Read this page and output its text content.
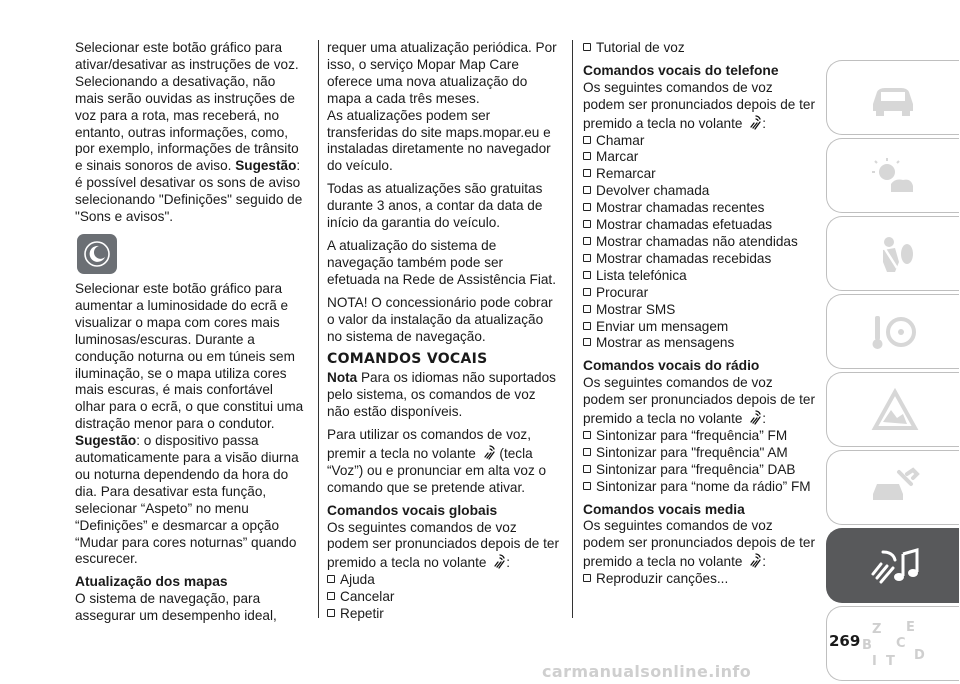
Selecionar este botão gráfico para ativar/desativar as instruções de voz. Selecionando a desativação, não mais serão ouvidas as instruções de voz para a rota, mas receberá, no entanto, outras informações, como, por exemplo, informações de trânsito e sinais sonoros de aviso. Sugestão: é possível desativar os sons de aviso selecionando "Definições" seguido de "Sons e avisos".

Selecionar este botão gráfico para aumentar a luminosidade do ecrã e visualizar o mapa com cores mais luminosas/escuras. Durante a condução noturna ou em túneis sem iluminação, se o mapa utiliza cores mais escuras, é mais confortável olhar para o ecrã, o que constitui uma distração menor para o condutor.

Sugestão: o dispositivo passa automaticamente para a visão diurna ou noturna dependendo da hora do dia. Para desativar esta função, selecionar “Aspeto” no menu “Definições” e desmarcar a opção “Mudar para cores noturnas” quando escurecer.

Atualização dos mapas

O sistema de navegação, para assegurar um desempenho ideal,

requer uma atualização periódica. Por isso, o serviço Mopar Map Care oferece uma nova atualização do mapa a cada três meses.

As atualizações podem ser transferidas do site maps.mopar.eu e instaladas diretamente no navegador do veículo.

Todas as atualizações são gratuitas durante 3 anos, a contar da data de início da garantia do veículo.

A atualização do sistema de navegação também pode ser efetuada na Rede de Assistência Fiat.

NOTA! O concessionário pode cobrar o valor da instalação da atualização no sistema de navegação.

COMANDOS VOCAIS

Nota Para os idiomas não suportados pelo sistema, os comandos de voz não estão disponíveis.

Para utilizar os comandos de voz, premir a tecla no volante  (tecla “Voz”) ou e pronunciar em alta voz o comando que se pretende ativar.

Comandos vocais globais

Os seguintes comandos de voz podem ser pronunciados depois de ter premido a tecla no volante :

Ajuda
Cancelar
Repetir
Tutorial de voz

Comandos vocais do telefone

Os seguintes comandos de voz podem ser pronunciados depois de ter premido a tecla no volante :

Chamar
Marcar
Remarcar
Devolver chamada
Mostrar chamadas recentes
Mostrar chamadas efetuadas
Mostrar chamadas não atendidas
Mostrar chamadas recebidas
Lista telefónica
Procurar
Mostrar SMS
Enviar um mensagem
Mostrar as mensagens

Comandos vocais do rádio

Os seguintes comandos de voz podem ser pronunciados depois de ter premido a tecla no volante :

Sintonizar para “frequência” FM
Sintonizar para "frequência" AM
Sintonizar para “frequência” DAB
Sintonizar para “nome da rádio” FM

Comandos vocais media

Os seguintes comandos de voz podem ser pronunciados depois de ter premido a tecla no volante :

Reproduzir canções...
Z E
B C
I T D
269
carmanualsonline.info
